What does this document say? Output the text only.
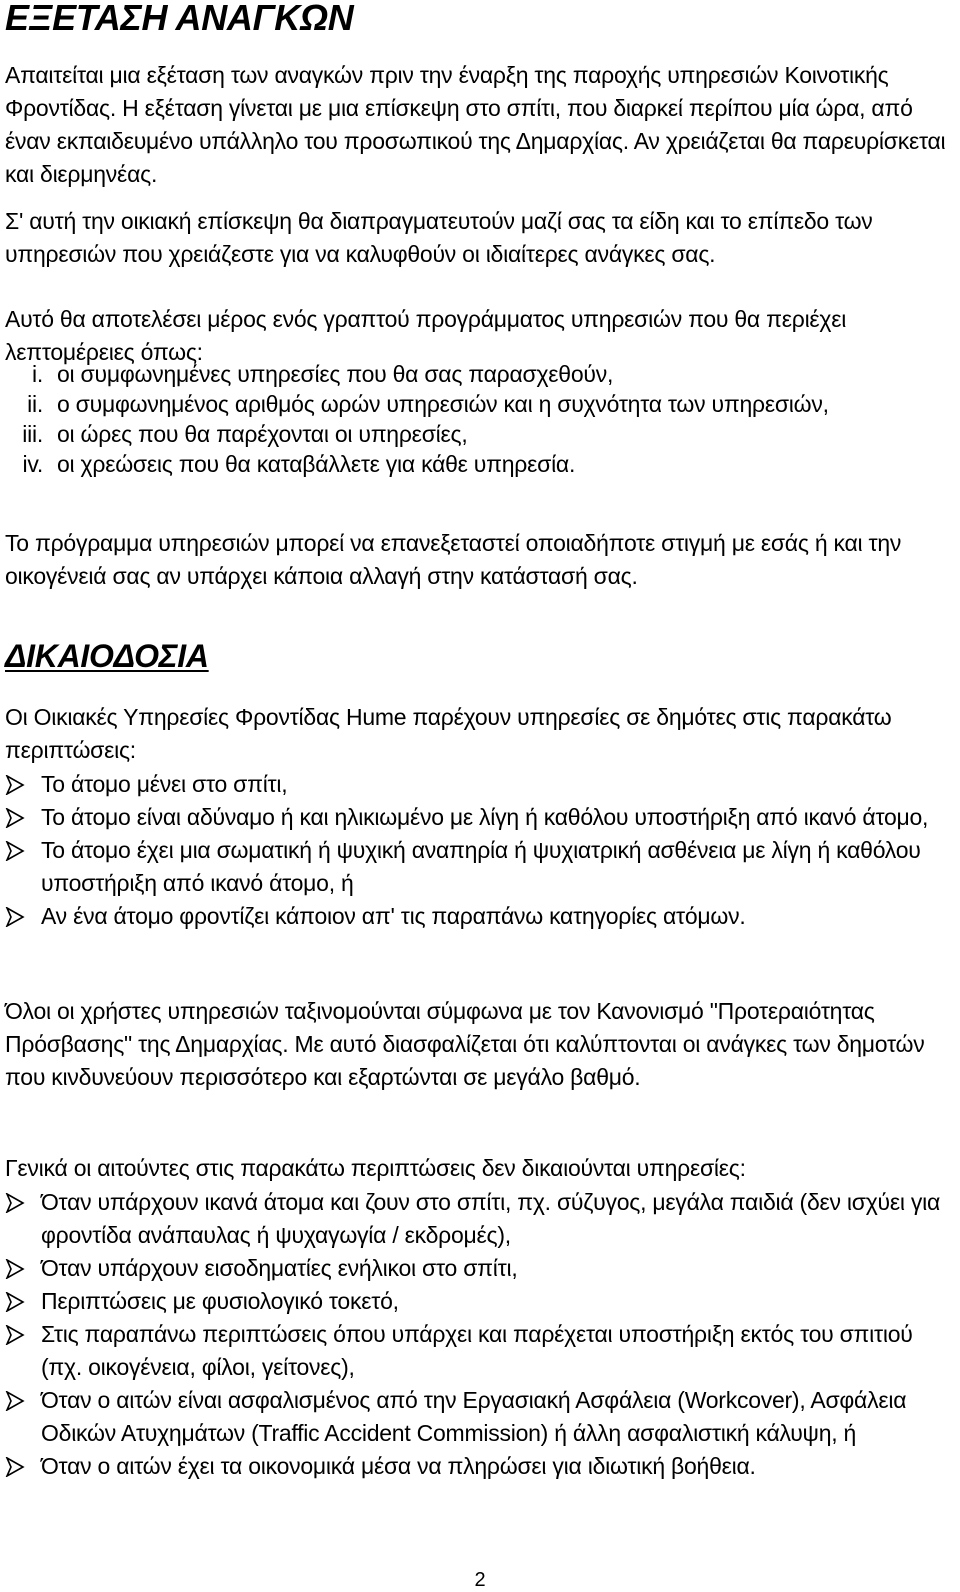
ΕΞΕΤΑΣΗ ΑΝΑΓΚΩΝ

Απαιτείται μια εξέταση των αναγκών πριν την έναρξη της παροχής υπηρεσιών Κοινοτικής Φροντίδας. Η εξέταση γίνεται με μια επίσκεψη στο σπίτι, που διαρκεί περίπου μία ώρα, από έναν εκπαιδευμένο υπάλληλο του προσωπικού της Δημαρχίας. Αν χρειάζεται θα παρευρίσκεται και διερμηνέας.

Σ' αυτή την οικιακή επίσκεψη θα διαπραγματευτούν μαζί σας τα είδη και το επίπεδο των υπηρεσιών που χρειάζεστε για να καλυφθούν οι ιδιαίτερες ανάγκες σας.

Αυτό θα αποτελέσει μέρος ενός γραπτού προγράμματος υπηρεσιών που θα περιέχει λεπτομέρειες όπως:

i. οι συμφωνημένες υπηρεσίες που θα σας παρασχεθούν,
ii. ο συμφωνημένος αριθμός ωρών υπηρεσιών και η συχνότητα των υπηρεσιών,
iii. οι ώρες που θα παρέχονται οι υπηρεσίες,
iv. οι χρεώσεις που θα καταβάλλετε για κάθε υπηρεσία.

Το πρόγραμμα υπηρεσιών μπορεί να επανεξεταστεί οποιαδήποτε στιγμή με εσάς ή και την οικογένειά σας αν υπάρχει κάποια αλλαγή στην κατάστασή σας.

ΔΙΚΑΙΟΔΟΣΙΑ

Οι Οικιακές Υπηρεσίες Φροντίδας Hume παρέχουν υπηρεσίες σε δημότες στις παρακάτω περιπτώσεις:

Το άτομο μένει στο σπίτι,
Το άτομο είναι αδύναμο ή και ηλικιωμένο με λίγη ή καθόλου υποστήριξη από ικανό άτομο,
Το άτομο έχει μια σωματική ή ψυχική αναπηρία ή ψυχιατρική ασθένεια με λίγη ή καθόλου υποστήριξη από ικανό άτομο, ή
Αν ένα άτομο φροντίζει κάποιον απ' τις παραπάνω κατηγορίες ατόμων.

Όλοι οι χρήστες υπηρεσιών ταξινομούνται σύμφωνα με τον Κανονισμό "Προτεραιότητας Πρόσβασης" της Δημαρχίας. Με αυτό διασφαλίζεται ότι καλύπτονται οι ανάγκες των δημοτών που κινδυνεύουν περισσότερο και εξαρτώνται σε μεγάλο βαθμό.

Γενικά οι αιτούντες στις παρακάτω περιπτώσεις δεν δικαιούνται υπηρεσίες:

Όταν υπάρχουν ικανά άτομα και ζουν στο σπίτι, πχ. σύζυγος, μεγάλα παιδιά (δεν ισχύει για φροντίδα ανάπαυλας ή ψυχαγωγία / εκδρομές),
Όταν υπάρχουν εισοδηματίες ενήλικοι στο σπίτι,
Περιπτώσεις με φυσιολογικό τοκετό,
Στις παραπάνω περιπτώσεις όπου υπάρχει και παρέχεται υποστήριξη εκτός του σπιτιού (πχ. οικογένεια, φίλοι, γείτονες),
Όταν ο αιτών είναι ασφαλισμένος από την Εργασιακή Ασφάλεια (Workcover), Ασφάλεια Οδικών Ατυχημάτων (Traffic Accident Commission) ή άλλη ασφαλιστική κάλυψη, ή
Όταν ο αιτών έχει τα οικονομικά μέσα να πληρώσει για ιδιωτική βοήθεια.
2
